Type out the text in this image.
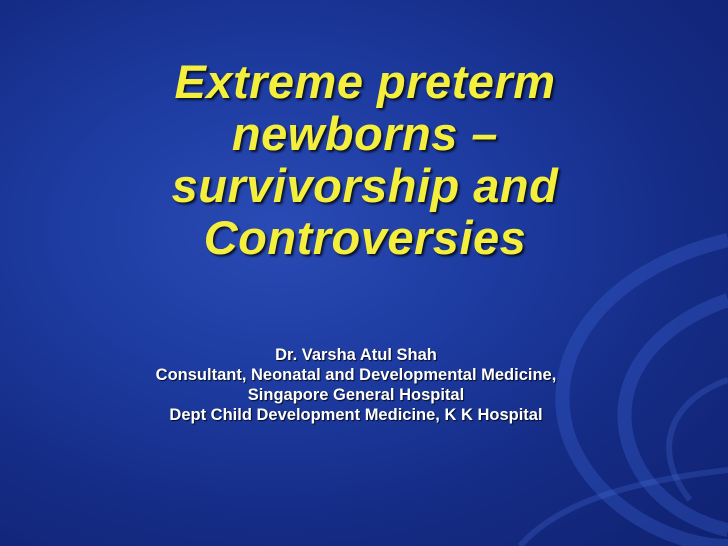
Extreme preterm
newborns –
survivorship and
Controversies
Dr. Varsha Atul Shah
Consultant, Neonatal and Developmental Medicine,
Singapore General Hospital
Dept Child Development Medicine, K K Hospital
